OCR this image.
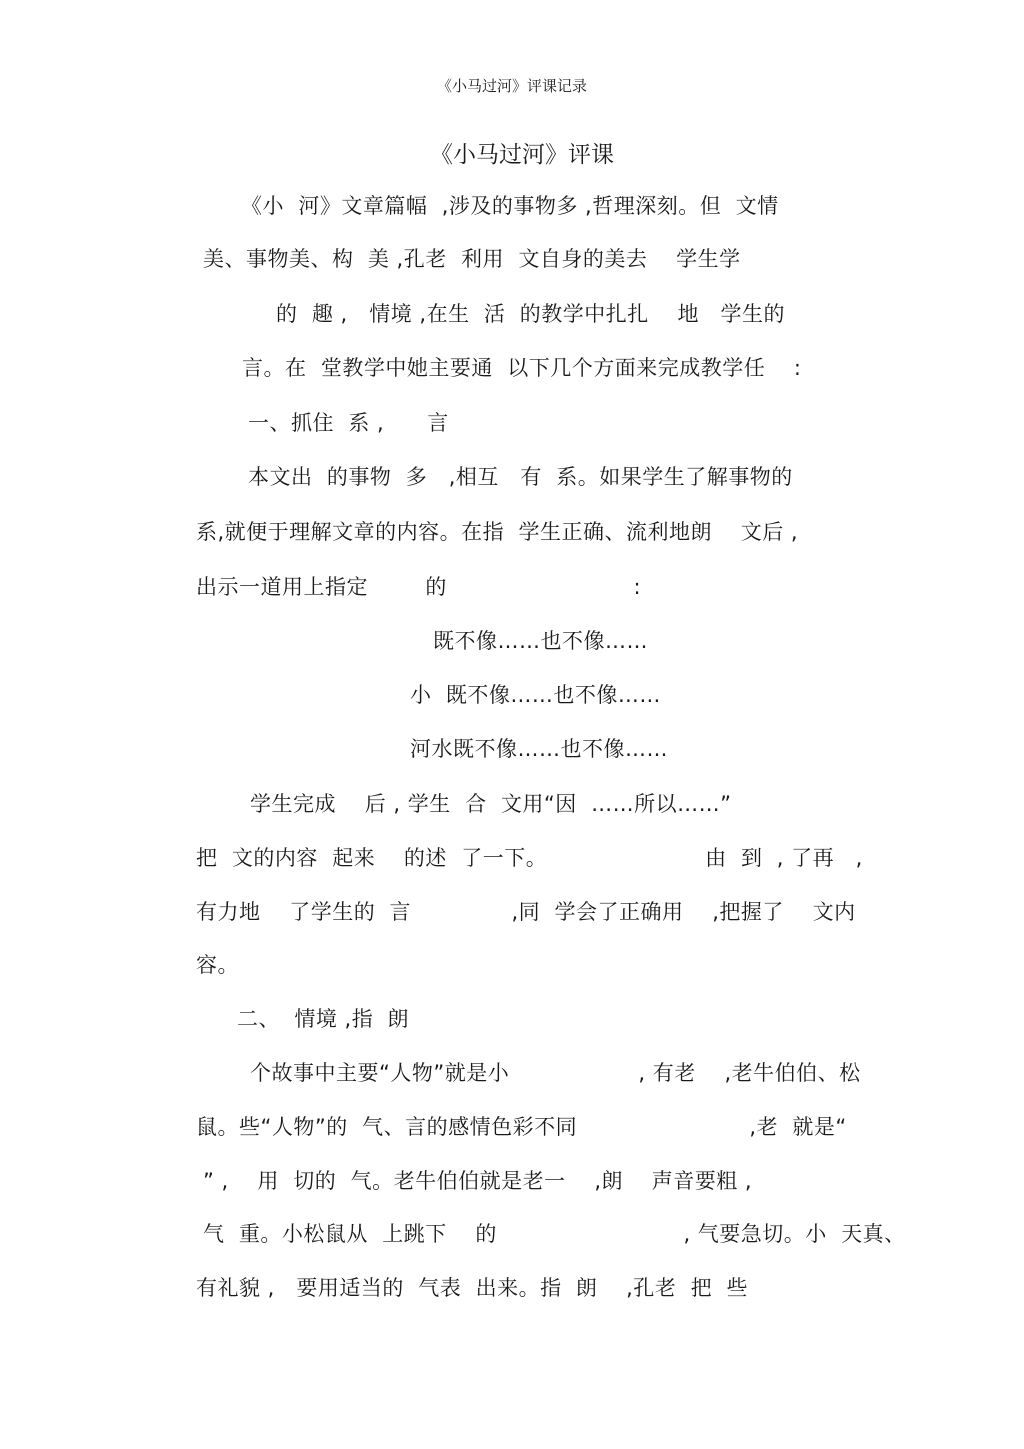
《小马过河》评课记录
《小马过河》评课
《小  河》文章篇幅  ,涉及的事物多 ,哲理深刻。但  文情
美、事物美、构  美 ,孔老  利用  文自身的美去    学生学
的  趣 ,   情境 ,在生  活  的教学中扎扎    地   学生的
言。在  堂教学中她主要通  以下几个方面来完成教学任    :
一、抓住  系 ,      言
本文出  的事物  多   ,相互   有  系。如果学生了解事物的
系,就便于理解文章的内容。在指  学生正确、流利地朗    文后 ,
出示一道用上指定        的                          :
既不像……也不像……
小  既不像……也不像……
河水既不像……也不像……
学生完成    后 , 学生  合  文用“因  ……所以……”
把  文的内容  起来    的述  了一下。                      由  到  , 了再   ,
有力地    了学生的  言              ,同  学会了正确用    ,把握了    文内
容。
二、  情境 ,指  朗
个故事中主要“人物”就是小                  , 有老    ,老牛伯伯、松
鼠。些“人物”的  气、言的感情色彩不同                        ,老  就是“
” ,    用  切的  气。老牛伯伯就是老一    ,朗    声音要粗 ,
气  重。小松鼠从  上跳下    的                          , 气要急切。小  天真、
有礼貌 ,   要用适当的  气表  出来。指  朗    ,孔老  把  些
